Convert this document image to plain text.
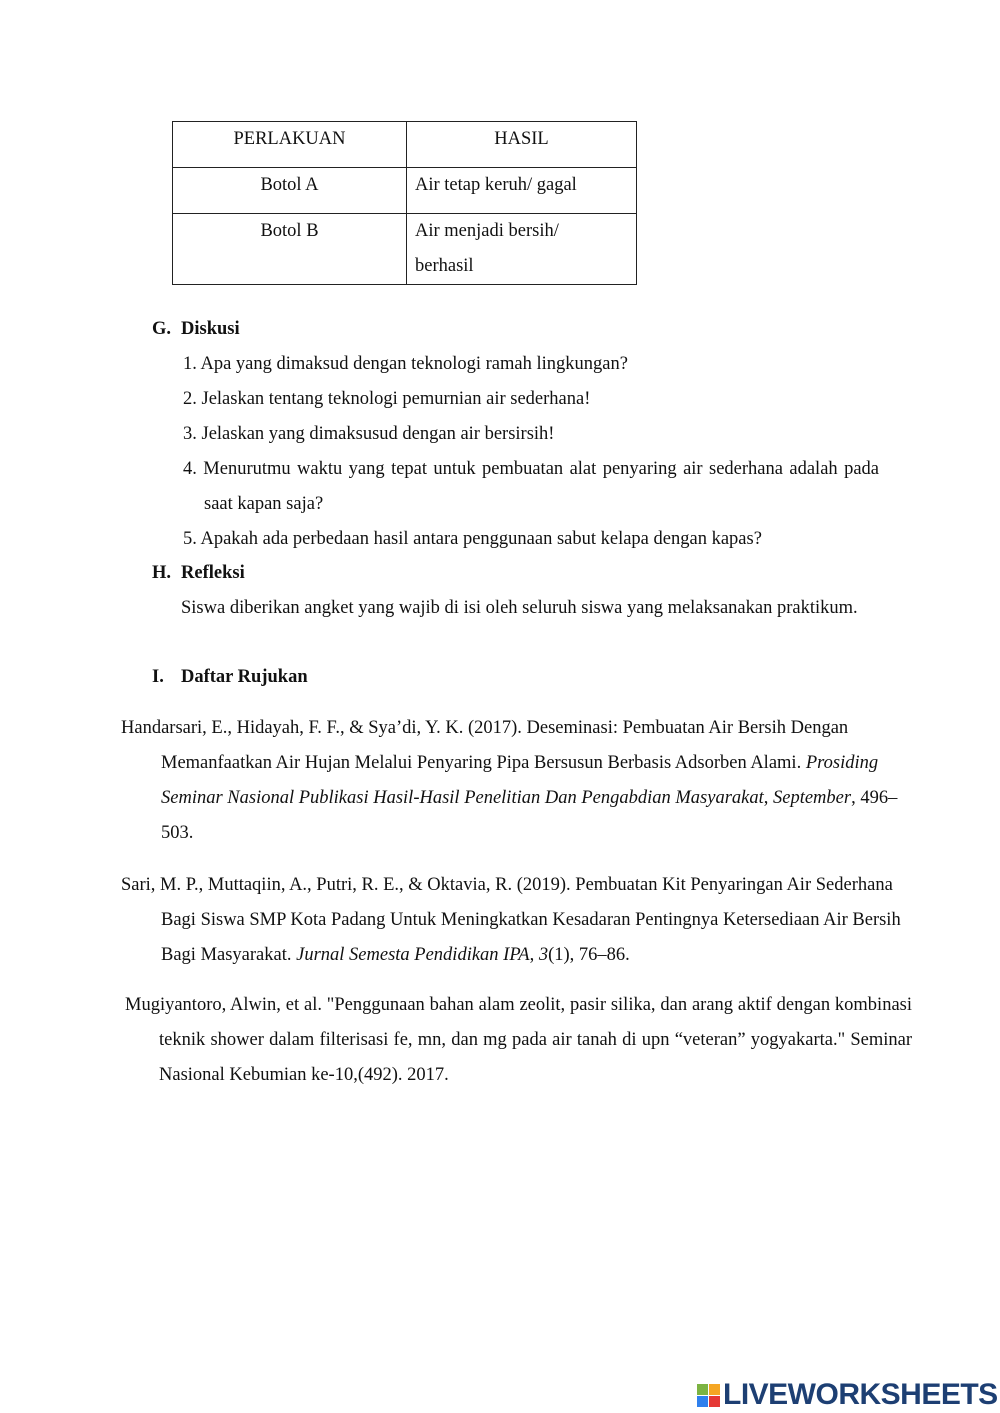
PERLAKUAN	HASIL
Botol A	Air tetap keruh/ gagal
Botol B	Air menjadi bersih/ berhasil
G. Diskusi
1. Apa yang dimaksud dengan teknologi ramah lingkungan?
2. Jelaskan tentang teknologi pemurnian air sederhana!
3. Jelaskan yang dimaksusud dengan air bersirsih!
4. Menurutmu waktu yang tepat untuk pembuatan alat penyaring air sederhana adalah pada saat kapan saja?
5. Apakah ada perbedaan hasil antara penggunaan sabut kelapa dengan kapas?
H. Refleksi
Siswa diberikan angket yang wajib di isi oleh seluruh siswa yang melaksanakan praktikum.
I. Daftar Rujukan
Handarsari, E., Hidayah, F. F., & Sya’di, Y. K. (2017). Deseminasi: Pembuatan Air Bersih Dengan Memanfaatkan Air Hujan Melalui Penyaring Pipa Bersusun Berbasis Adsorben Alami. Prosiding Seminar Nasional Publikasi Hasil-Hasil Penelitian Dan Pengabdian Masyarakat, September, 496–503.
Sari, M. P., Muttaqiin, A., Putri, R. E., & Oktavia, R. (2019). Pembuatan Kit Penyaringan Air Sederhana Bagi Siswa SMP Kota Padang Untuk Meningkatkan Kesadaran Pentingnya Ketersediaan Air Bersih Bagi Masyarakat. Jurnal Semesta Pendidikan IPA, 3(1), 76–86.
Mugiyantoro, Alwin, et al. "Penggunaan bahan alam zeolit, pasir silika, dan arang aktif dengan kombinasi teknik shower dalam filterisasi fe, mn, dan mg pada air tanah di upn “veteran” yogyakarta." Seminar Nasional Kebumian ke-10,(492). 2017.
LIVEWORKSHEETS
